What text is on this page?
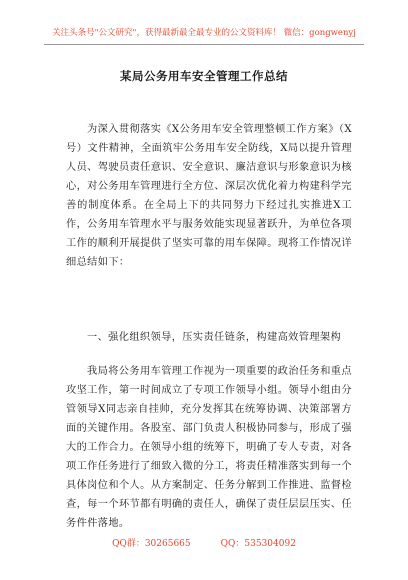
关注头条号"公文研究"，获得最新最全最专业的公文资料库！ 微信：gongwenyj
某局公务用车安全管理工作总结

为深入贯彻落实《X公务用车安全管理整顿工作方案》（X号）文件精神，全面筑牢公务用车安全防线，X局以提升管理人员、驾驶员责任意识、安全意识、廉洁意识与形象意识为核心，对公务用车管理进行全方位、深层次优化着力构建科学完善的制度体系。在全局上下的共同努力下经过扎实推进X工作，公务用车管理水平与服务效能实现显著跃升，为单位各项工作的顺利开展提供了坚实可靠的用车保障。现将工作情况详细总结如下：

一、强化组织领导，压实责任链条，构建高效管理架构

我局将公务用车管理工作视为一项重要的政治任务和重点攻坚工作，第一时间成立了专项工作领导小组。领导小组由分管领导X同志亲自挂帅，充分发挥其在统筹协调、决策部署方面的关键作用。各股室、部门负责人积极协同参与，形成了强大的工作合力。在领导小组的统筹下，明确了专人专责，对各项工作任务进行了细致入微的分工，将责任精准落实到每一个具体岗位和个人。从方案制定、任务分解到工作推进、监督检查，每一个环节都有明确的责任人，确保了责任层层压实、任务件件落地。

QQ群：30265665	QQ：535304092
